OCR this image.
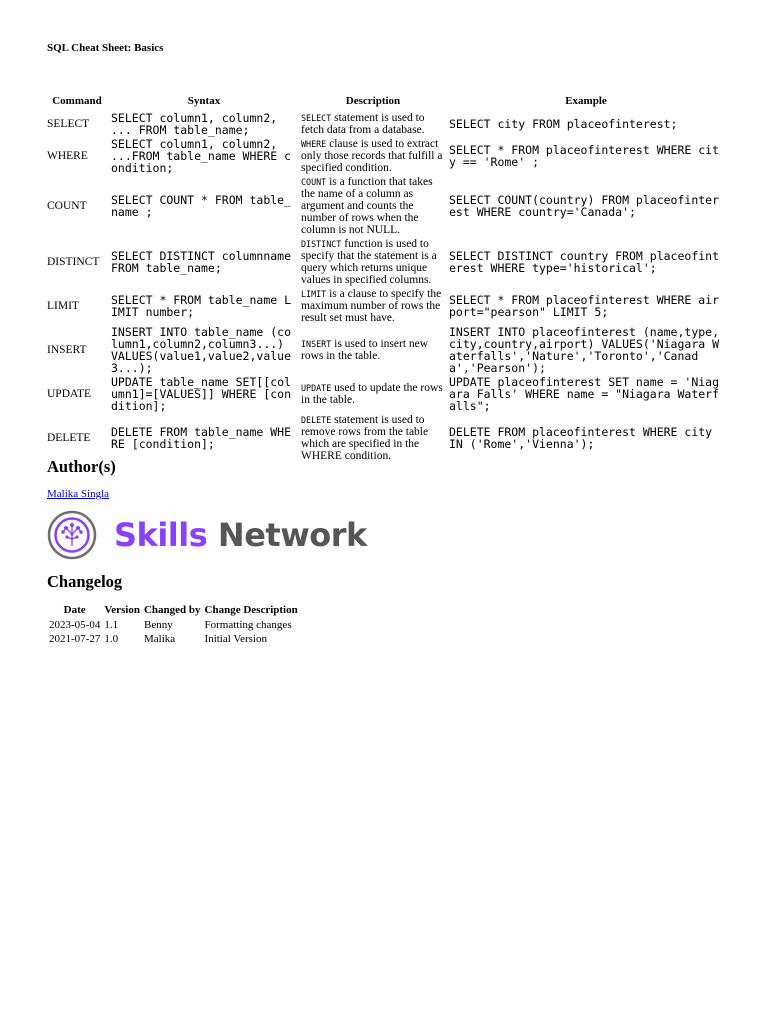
SQL Cheat Sheet: Basics
Command	Syntax	Description	Example
SELECT	SELECT column1, column2, ... FROM table_name;	SELECT statement is used to fetch data from a database.	SELECT city FROM placeofinterest;
WHERE	SELECT column1, column2, ...FROM table_name WHERE condition;	WHERE clause is used to extract only those records that fulfill a specified condition.	SELECT * FROM placeofinterest WHERE city == 'Rome' ;
COUNT	SELECT COUNT * FROM table_name ;	COUNT is a function that takes the name of a column as argument and counts the number of rows when the column is not NULL.	SELECT COUNT(country) FROM placeofinterest WHERE country='Canada';
DISTINCT	SELECT DISTINCT columnname FROM table_name;	DISTINCT function is used to specify that the statement is a query which returns unique values in specified columns.	SELECT DISTINCT country FROM placeofinterest WHERE type='historical';
LIMIT	SELECT * FROM table_name LIMIT number;	LIMIT is a clause to specify the maximum number of rows the result set must have.	SELECT * FROM placeofinterest WHERE airport="pearson" LIMIT 5;
INSERT	INSERT INTO table_name (column1,column2,column3...) VALUES(value1,value2,value3...);	INSERT is used to insert new rows in the table.	INSERT INTO placeofinterest (name,type,city,country,airport) VALUES('Niagara Waterfalls','Nature','Toronto','Canada','Pearson');
UPDATE	UPDATE table_name SET[[column1]=[VALUES]] WHERE [condition];	UPDATE used to update the rows in the table.	UPDATE placeofinterest SET name = 'Niagara Falls' WHERE name = "Niagara Waterfalls";
DELETE	DELETE FROM table_name WHERE [condition];	DELETE statement is used to remove rows from the table which are specified in the WHERE condition.	DELETE FROM placeofinterest WHERE city IN ('Rome','Vienna');
Author(s)
Malika Singla
Skills Network
Changelog
Date	Version	Changed by	Change Description
2023-05-04	1.1	Benny	Formatting changes
2021-07-27	1.0	Malika	Initial Version
